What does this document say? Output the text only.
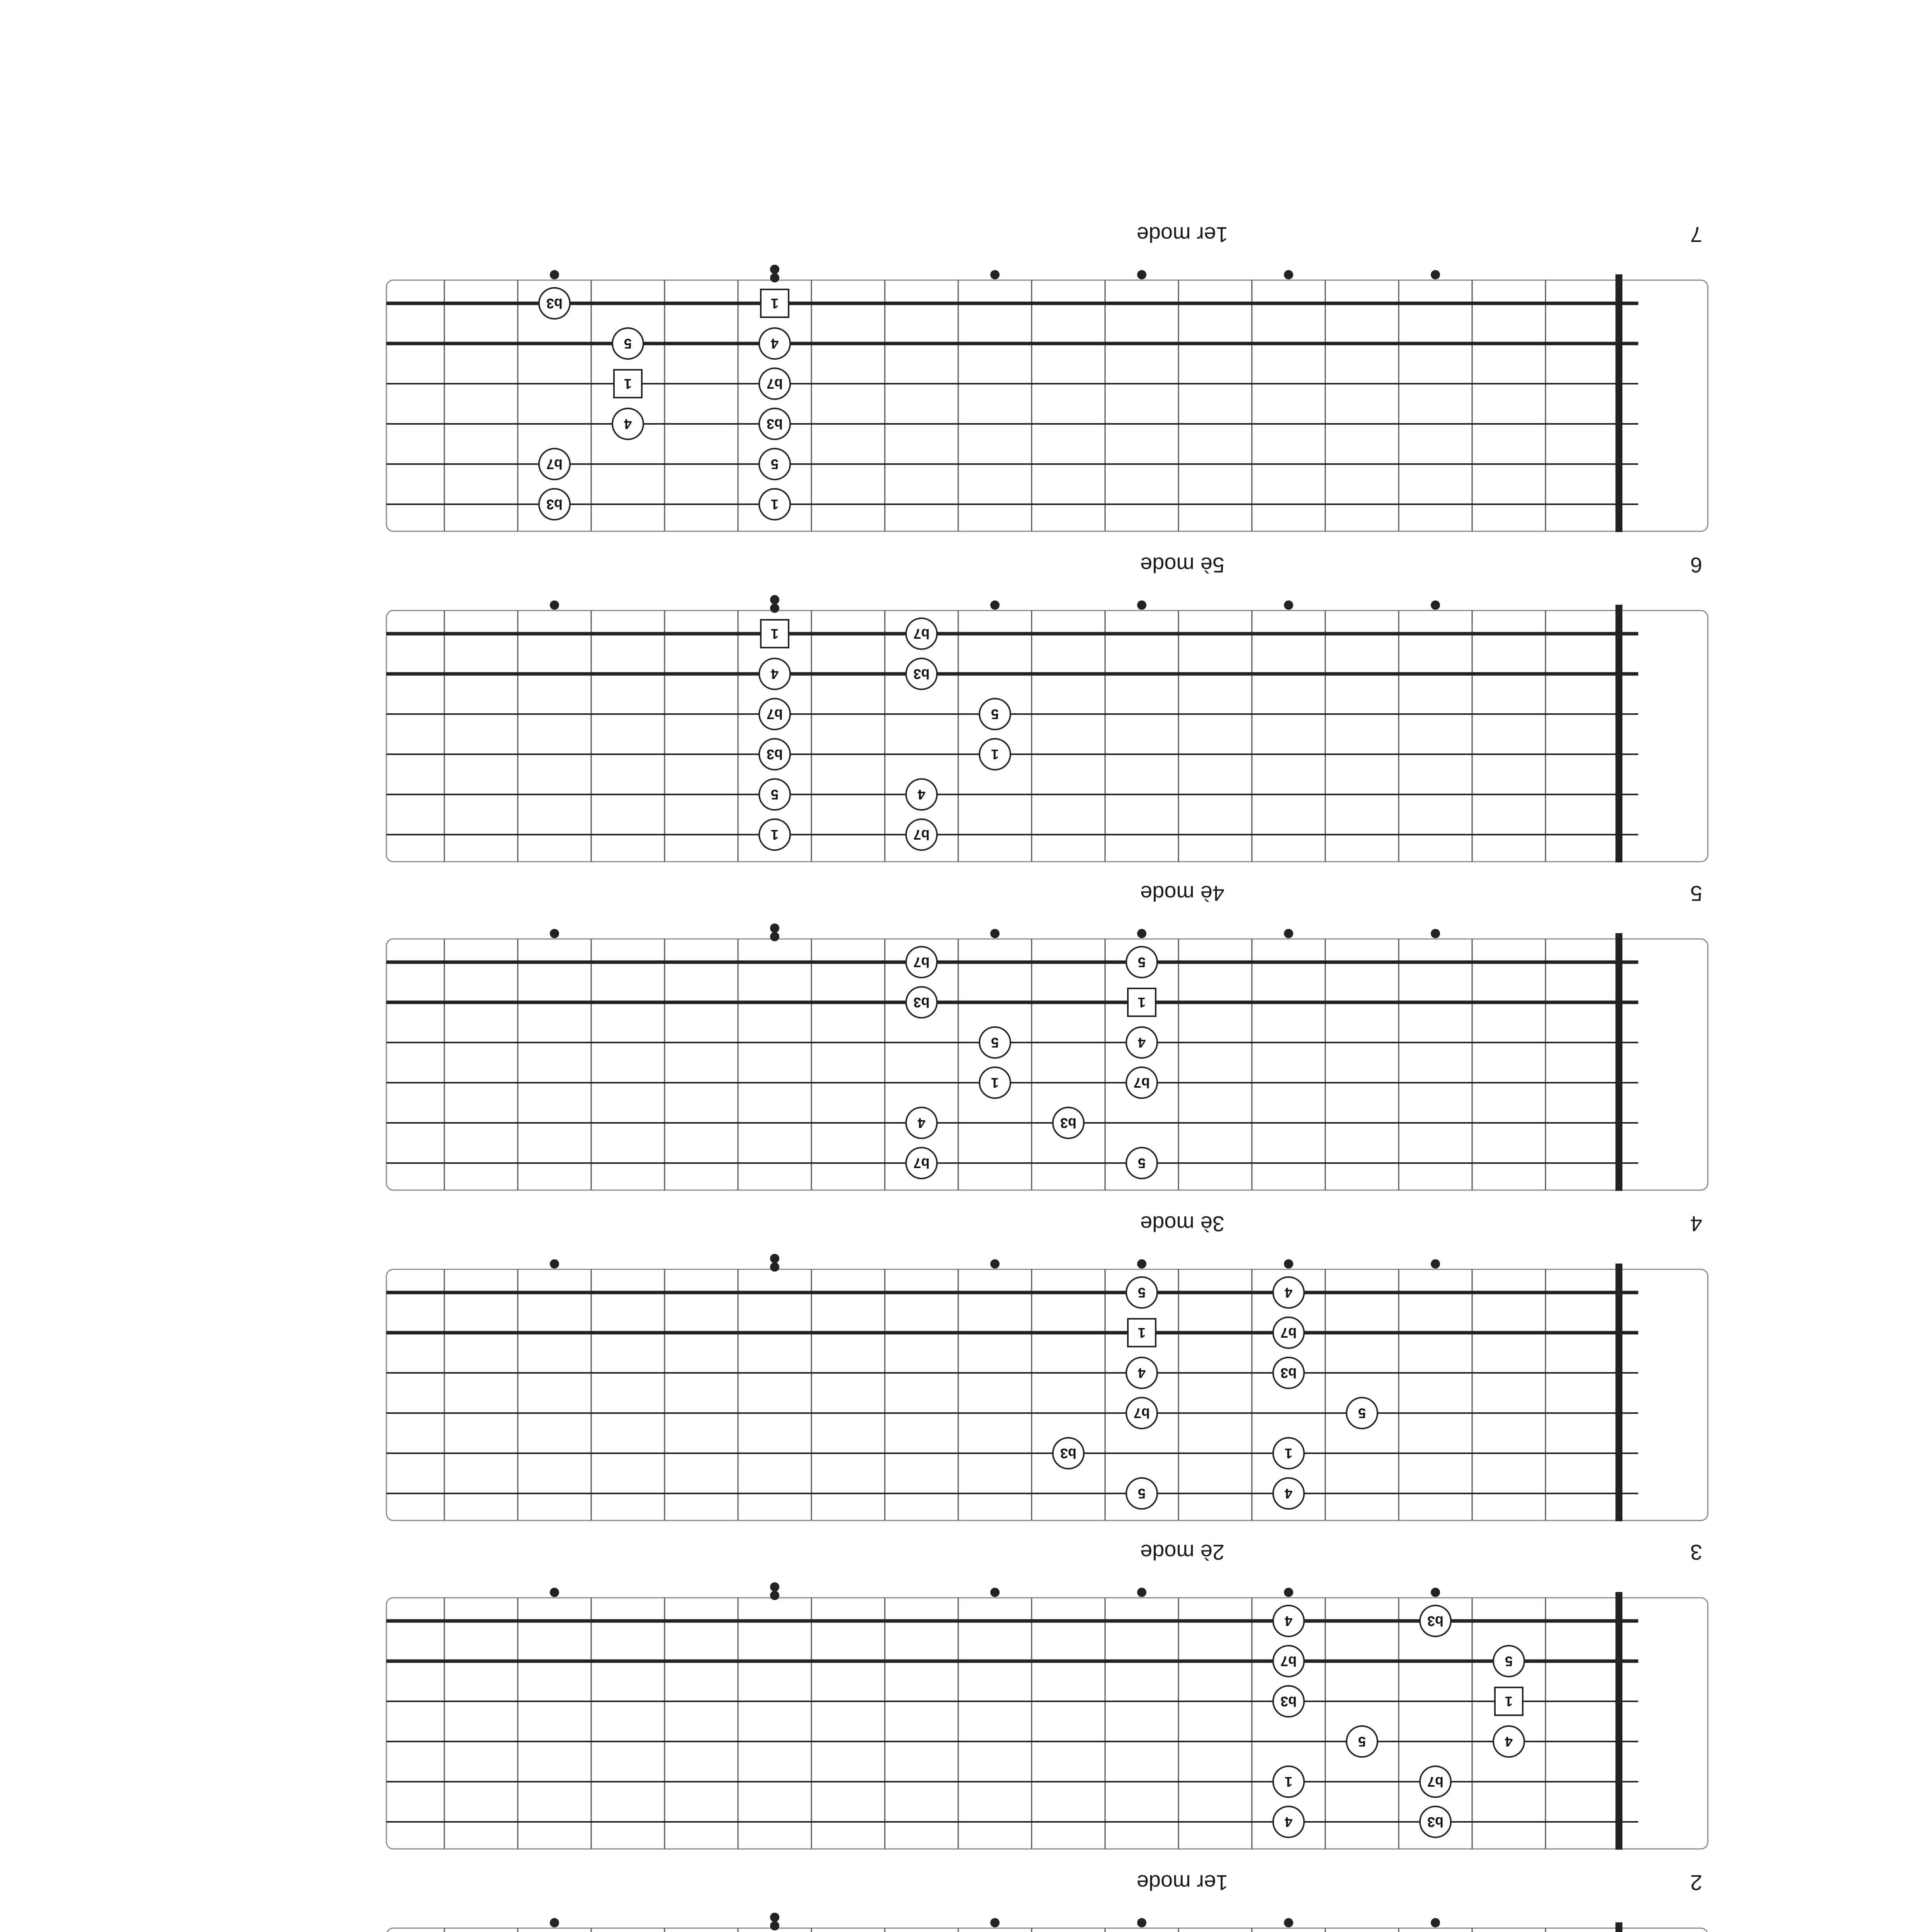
1er mode	2
2è mode	3
b3
4
5
b7
1
b3
4
5
b7
1
b3
4
3è mode	4
4
5
b7
1
b3
4
5
b7
1
b3
4
5
4è mode	5
5
b7
1
b3
4
5
b7
1
b3
4
5
b7
5è mode	6
b7
1
b3
4
5
b7
1
b3
4
5
b7
1
1er mode	7
1
b3
4
5
b7
1
b3
4
5
b7
1
b3
